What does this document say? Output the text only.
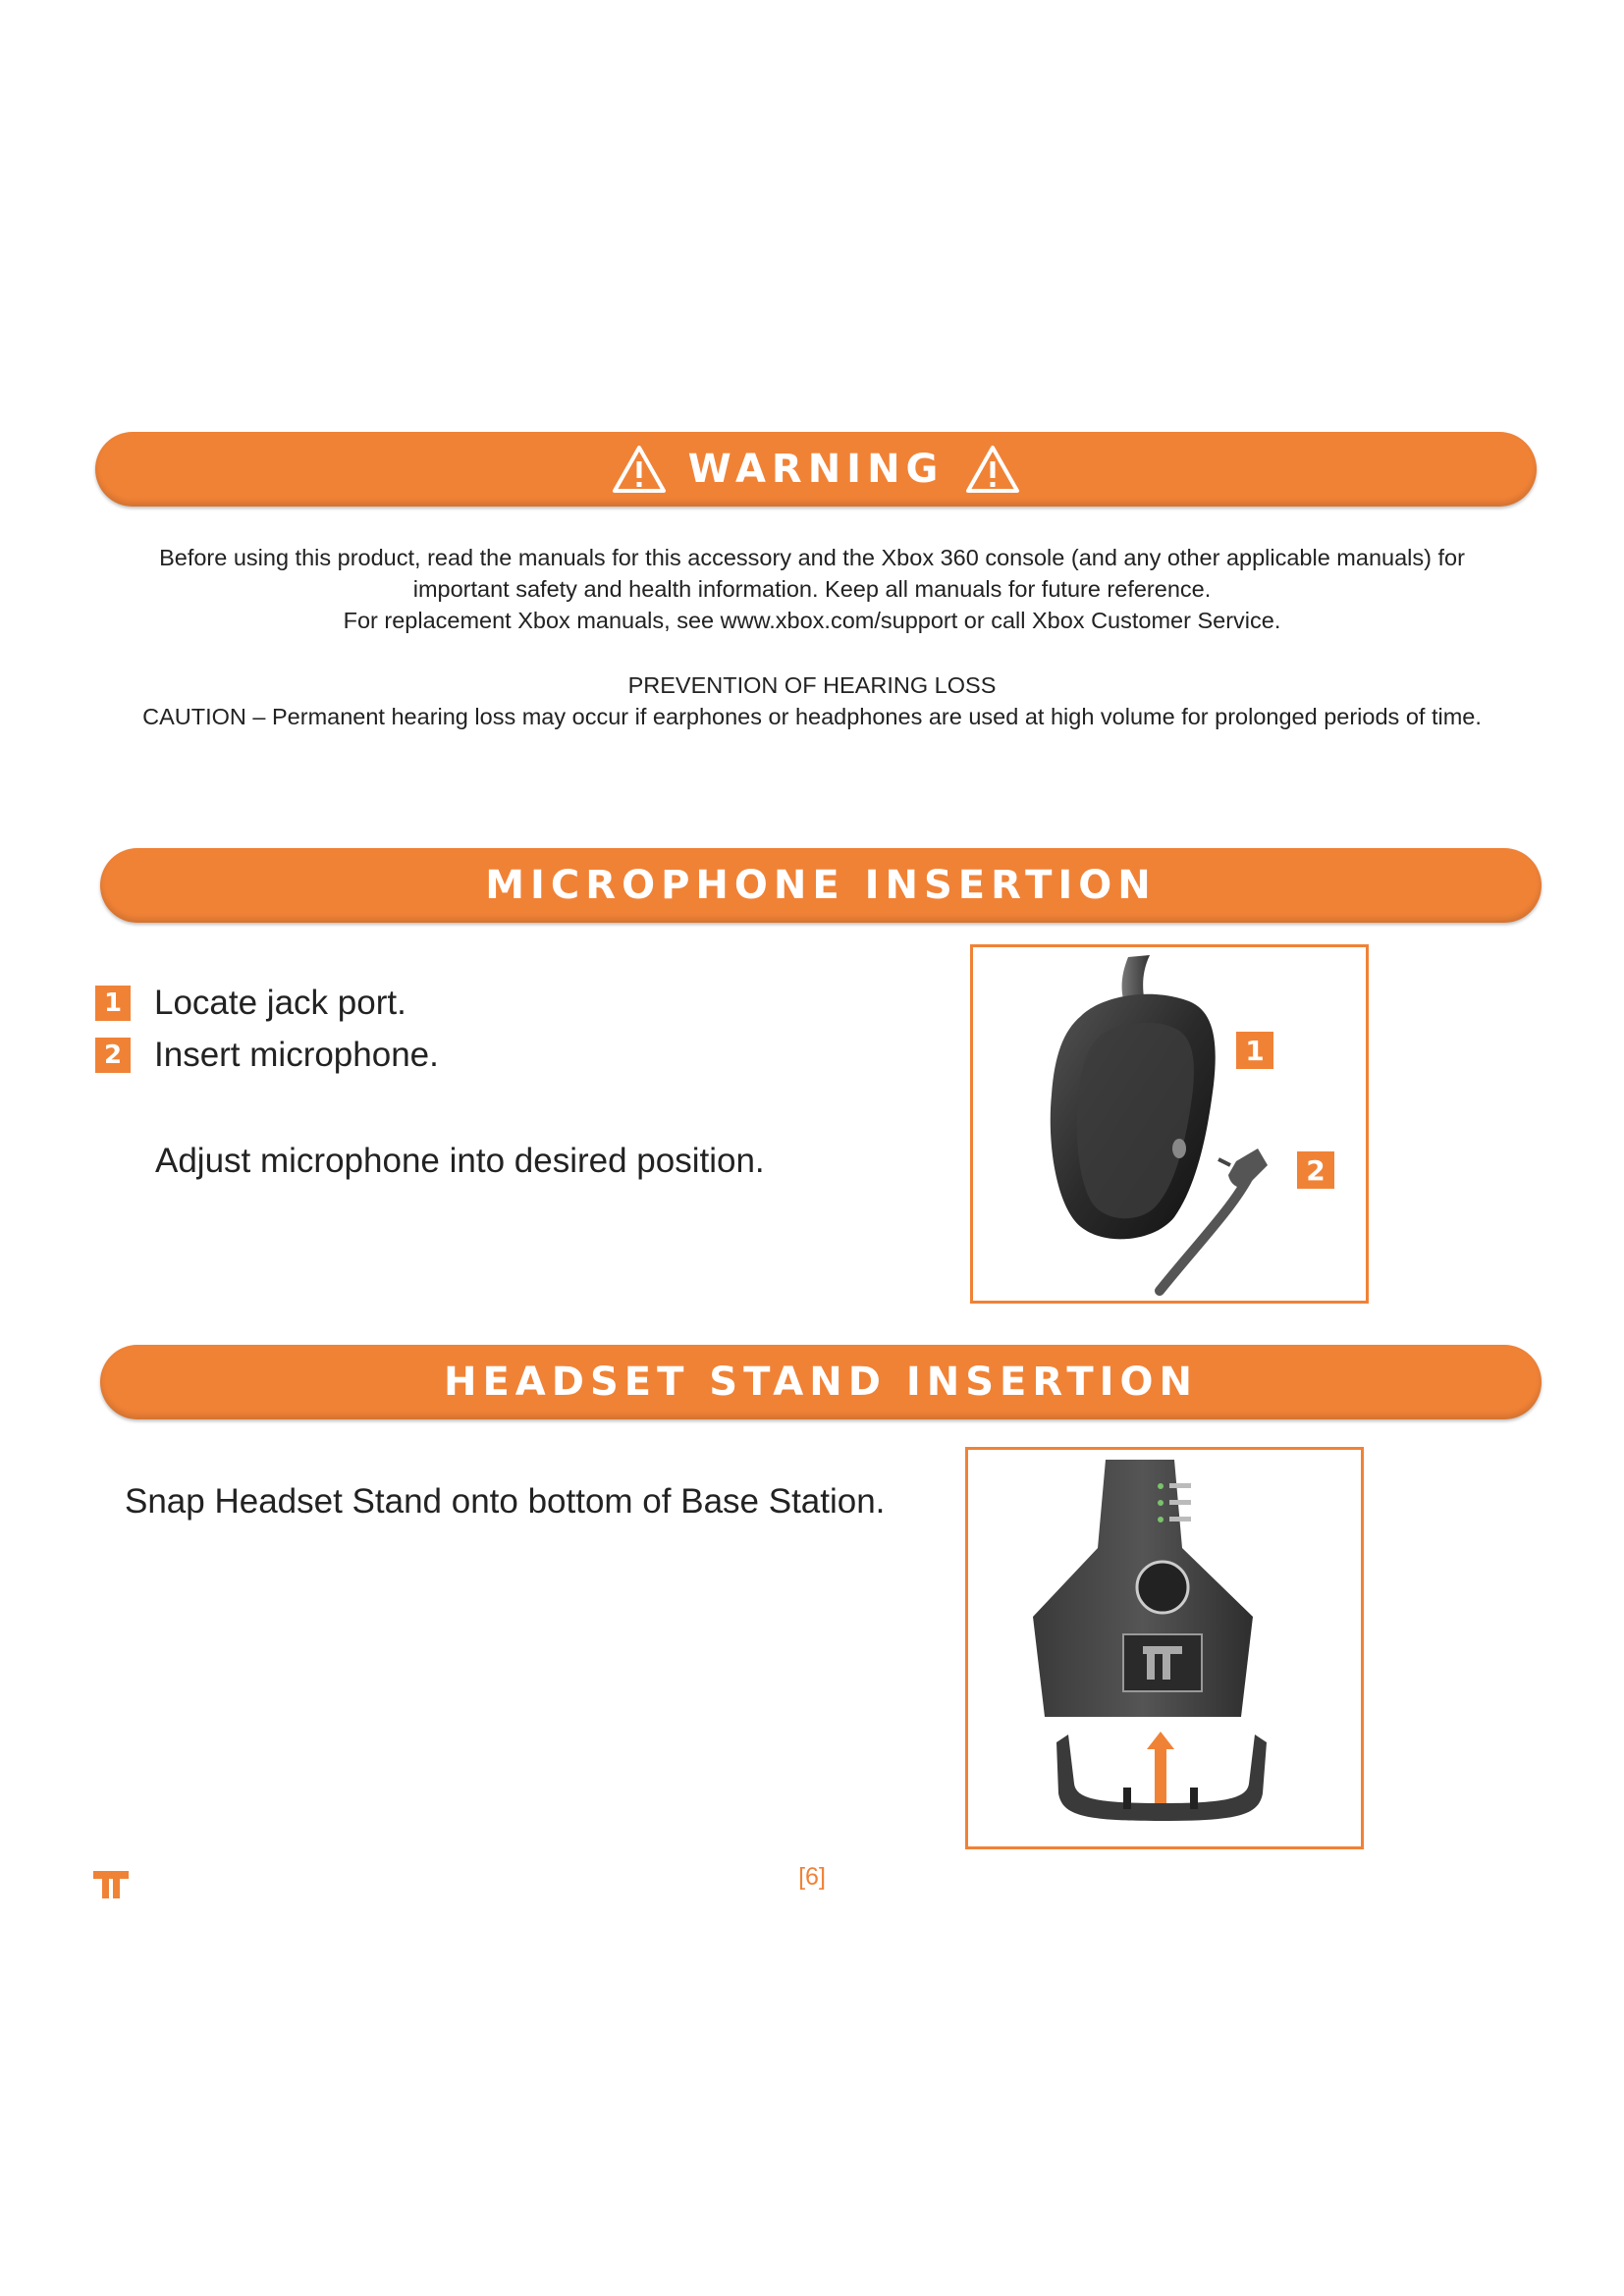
WARNING
Before using this product, read the manuals for this accessory and the Xbox 360 console (and any other applicable manuals) for
important safety and health information. Keep all manuals for future reference.
For replacement Xbox manuals, see www.xbox.com/support or call Xbox Customer Service.
PREVENTION OF HEARING LOSS
CAUTION – Permanent hearing loss may occur if earphones or headphones are used at high volume for prolonged periods of time.
MICROPHONE INSERTION
1 Locate jack port.
2 Insert microphone.
Adjust microphone into desired position.
1
2
HEADSET STAND INSERTION
Snap Headset Stand onto bottom of Base Station.
[6]
